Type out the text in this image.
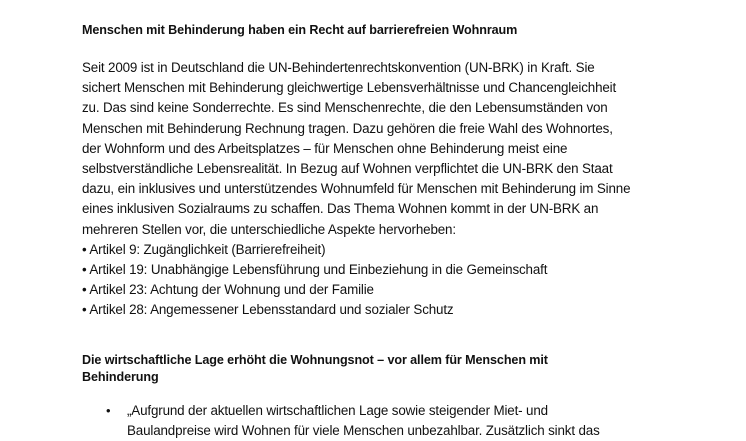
Menschen mit Behinderung haben ein Recht auf barrierefreien Wohnraum

Seit 2009 ist in Deutschland die UN-Behindertenrechtskonvention (UN-BRK) in Kraft. Sie
sichert Menschen mit Behinderung gleichwertige Lebensverhältnisse und Chancengleichheit
zu. Das sind keine Sonderrechte. Es sind Menschenrechte, die den Lebensumständen von
Menschen mit Behinderung Rechnung tragen. Dazu gehören die freie Wahl des Wohnortes,
der Wohnform und des Arbeitsplatzes – für Menschen ohne Behinderung meist eine
selbstverständliche Lebensrealität. In Bezug auf Wohnen verpflichtet die UN-BRK den Staat
dazu, ein inklusives und unterstützendes Wohnumfeld für Menschen mit Behinderung im Sinne
eines inklusiven Sozialraums zu schaffen. Das Thema Wohnen kommt in der UN-BRK an
mehreren Stellen vor, die unterschiedliche Aspekte hervorheben:
• Artikel 9: Zugänglichkeit (Barrierefreiheit)
• Artikel 19: Unabhängige Lebensführung und Einbeziehung in die Gemeinschaft
• Artikel 23: Achtung der Wohnung und der Familie
• Artikel 28: Angemessener Lebensstandard und sozialer Schutz

Die wirtschaftliche Lage erhöht die Wohnungsnot – vor allem für Menschen mit
Behinderung

• „Aufgrund der aktuellen wirtschaftlichen Lage sowie steigender Miet- und
Baulandpreise wird Wohnen für viele Menschen unbezahlbar. Zusätzlich sinkt das
